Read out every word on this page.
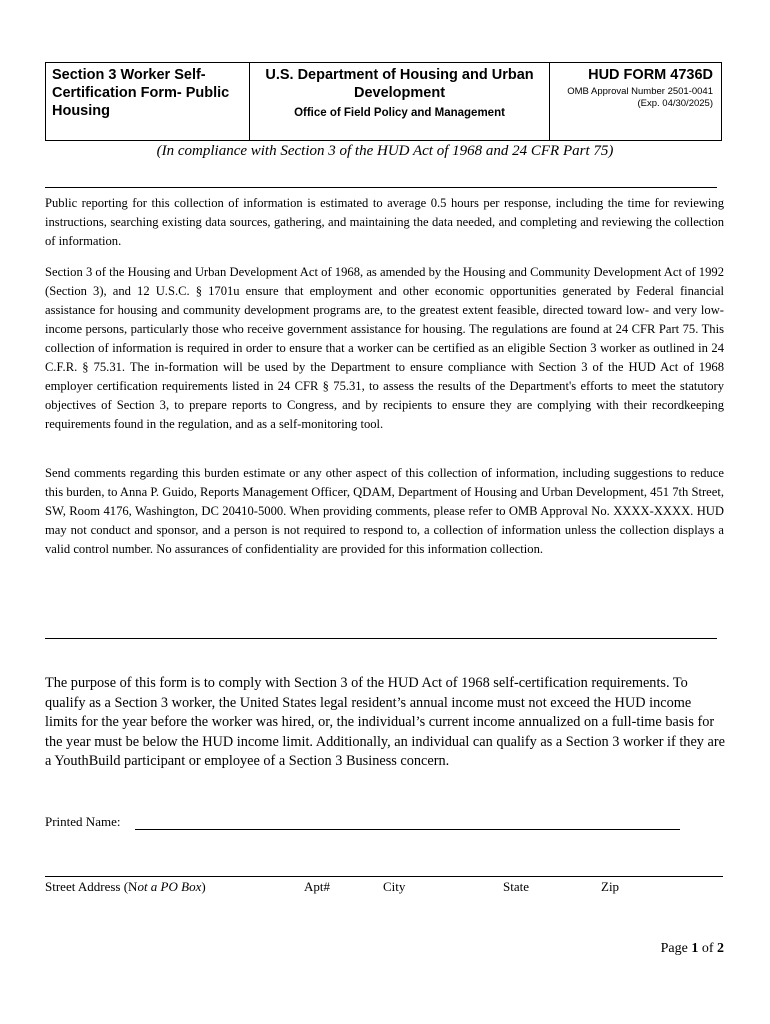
Section 3 Worker Self-Certification Form- Public Housing
U.S. Department of Housing and Urban Development
Office of Field Policy and Management
HUD FORM 4736D
OMB Approval Number 2501-0041
(Exp. 04/30/2025)
(In compliance with Section 3 of the HUD Act of 1968 and 24 CFR Part 75)

Public reporting for this collection of information is estimated to average 0.5 hours per response, including the time for reviewing instructions, searching existing data sources, gathering, and maintaining the data needed, and completing and reviewing the collection of information.

Section 3 of the Housing and Urban Development Act of 1968, as amended by the Housing and Community Development Act of 1992 (Section 3), and 12 U.S.C. § 1701u ensure that employment and other economic opportunities generated by Federal financial assistance for housing and community development programs are, to the greatest extent feasible, directed toward low- and very low-income persons, particularly those who receive government assistance for housing. The regulations are found at 24 CFR Part 75. This collection of information is required in order to ensure that a worker can be certified as an eligible Section 3 worker as outlined in 24 C.F.R. § 75.31. The in-formation will be used by the Department to ensure compliance with Section 3 of the HUD Act of 1968 employer certification requirements listed in 24 CFR § 75.31, to assess the results of the Department's efforts to meet the statutory objectives of Section 3, to prepare reports to Congress, and by recipients to ensure they are complying with their recordkeeping requirements found in the regulation, and as a self-monitoring tool.

Send comments regarding this burden estimate or any other aspect of this collection of information, including suggestions to reduce this burden, to Anna P. Guido, Reports Management Officer, QDAM, Department of Housing and Urban Development, 451 7th Street, SW, Room 4176, Washington, DC 20410-5000. When providing comments, please refer to OMB Approval No. XXXX-XXXX. HUD may not conduct and sponsor, and a person is not required to respond to, a collection of information unless the collection displays a valid control number. No assurances of confidentiality are provided for this information collection.

The purpose of this form is to comply with Section 3 of the HUD Act of 1968 self-certification requirements. To qualify as a Section 3 worker, the United States legal resident’s annual income must not exceed the HUD income limits for the year before the worker was hired, or, the individual’s current income annualized on a full-time basis for the year must be below the HUD income limit. Additionally, an individual can qualify as a Section 3 worker if they are a YouthBuild participant or employee of a Section 3 Business concern.

Printed Name:
Street Address (Not a PO Box)	Apt#	City	State	Zip
Page 1 of 2
